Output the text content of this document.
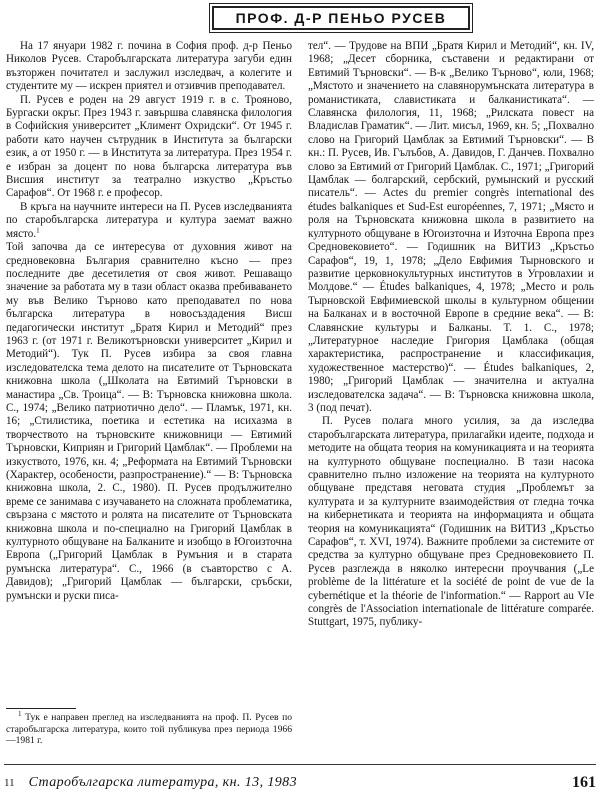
ПРОФ. Д-Р ПЕНЬО РУСЕВ

На 17 януари 1982 г. почина в София проф. д-р Пеньо Николов Русев. Старобългарската литература загуби един възторжен почитател и заслужил изследвач, а колегите и студентите му — искрен приятел и отзивчив преподавател.

П. Русев е роден на 29 август 1919 г. в с. Трояново, Бургаски окръг. През 1943 г. завършва славянска филология в Софийския университет „Климент Охридски“. От 1945 г. работи като научен сътрудник в Института за български език, а от 1950 г. — в Института за литература. През 1954 г. е избран за доцент по нова българска литература във Висшия институт за театрално изкуство „Кръстьо Сарафов“. От 1968 г. е професор.

В кръга на научните интереси на П. Русев изследванията по старобългарска литература и култура заемат важно място.$^1$

Той започва да се интересува от духовния живот на средновековна България сравнително късно — през последните две десетилетия от своя живот. Решаващо значение за работата му в тази област оказва пребиваването му във Велико Търново като преподавател по нова българска литература в новосъздадения Висш педагогически институт „Братя Кирил и Методий“ през 1963 г. (от 1971 г. Великотърновски университет „Кирил и Методий“). Тук П. Русев избира за своя главна изследователска тема делото на писателите от Търновската книжовна школа („Школата на Евтимий Търновски в манастира „Св. Троица“. — В: Търновска книжовна школа. С., 1974; „Велико патриотично дело“. — Пламък, 1971, кн. 16; „Стилистика, поетика и естетика на исихазма в творчеството на търновските книжовници — Евтимий Търновски, Киприян и Григорий Цамблак“. — Проблеми на изкуството, 1976, кн. 4; „Реформата на Евтимий Търновски (Характер, особености, разпространение).“ — В: Търновска книжовна школа, 2. С., 1980). П. Русев продължително време се занимава с изучаването на сложната проблематика, свързана с мястото и ролята на писателите от Търновската книжовна школа и по-специално на Григорий Цамблак в културното общуване на Балканите и изобщо в Югоизточна Европа („Григорий Цамблак в Румъния и в старата румънска литература“. С., 1966 (в съавторство с А. Давидов); „Григорий Цамблак — български, сръбски, румънски и руски писа-

тел“. — Трудове на ВПИ „Братя Кирил и Методий“, кн. IV, 1968; „Десет сборника, съставени и редактирани от Евтимий Търновски“. — В-к „Велико Търново“, юли, 1968; „Мястото и значението на славянорумънската литература в романистиката, славистиката и балканистиката“. — Славянска филология, 11, 1968; „Рилската повест на Владислав Граматик“. — Лит. мисъл, 1969, кн. 5; „Похвално слово на Григорий Цамблак за Евтимий Търновски“. — В кн.: П. Русев, Ив. Гълъбов, А. Давидов, Г. Данчев. Похвално слово за Евтимий от Григорий Цамблак. С., 1971; „Григорий Цамблак — болгарский, сербский, румынский и русский писатель“. — Actes du premier congrès international des études balkaniques et Sud-Est européennes, 7, 1971; „Място и роля на Търновската книжовна школа в развитието на културното общуване в Югоизточна и Източна Европа през Средновековието“. — Годишник на ВИТИЗ „Кръстьо Сарафов“, 19, 1, 1978; „Дело Евфимия Тырновского и развитие церковнокультурных институтов в Угровлахии и Молдове.“ — Études balkaniques, 4, 1978; „Место и роль Тырновской Евфимиевской школы в культурном общении на Балканах и в восточной Европе в средние века“. — В: Славянские культуры и Балканы. Т. 1. С., 1978; „Литературное наследие Григория Цамблака (общая характеристика, распространение и классификация, художественное мастерство)“. — Études balkaniques, 2, 1980; „Григорий Цамблак — значителна и актуална изследователска задача“. — В: Търновска книжовна школа, 3 (под печат).

П. Русев полага много усилия, за да изследва старобългарската литература, прилагайки идеите, подхода и методите на общата теория на комуникацията и на теорията на културното общуване поспециално. В тази насока сравнително пълно изложение на теорията на културното общуване представя неговата студия „Проблемът за културата и за културните взаимодействия от гледна точка на кибернетиката и теорията на информацията и общата теория на комуникацията“ (Годишник на ВИТИЗ „Кръстьо Сарафов“, т. XVI, 1974). Важните проблеми за системите от средства за културно общуване през Средновековието П. Русев разглежда в няколко интересни проучвания („Le problème de la littérature et la société de point de vue de la cybernétique et la théorie de l'information.“ — Rapport au VIe congrès de l'Association internationale de littérature comparée. Stuttgart, 1975, публику-

$^1$ Тук е направен преглед на изследванията на проф. П. Русев по старобългарска литература, които той публикува през периода 1966—1981 г.

11 Старобългарска литература, кн. 13, 1983	161
